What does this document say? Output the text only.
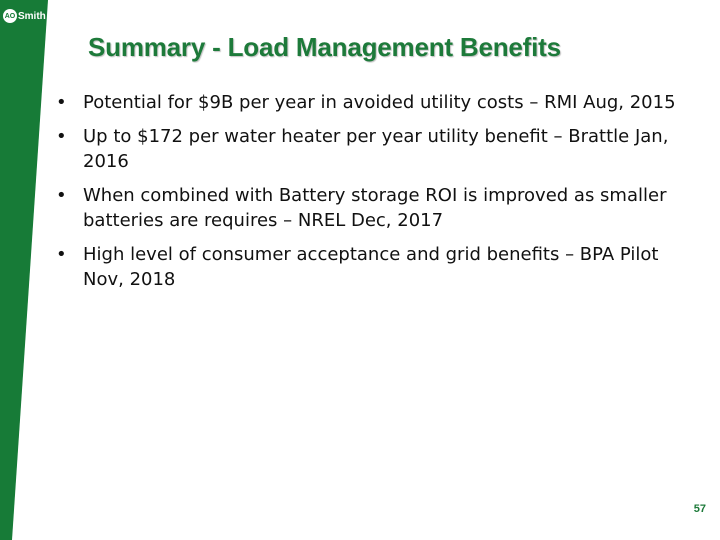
AO Smith
Summary - Load Management Benefits
• Potential for $9B per year in avoided utility costs – RMI Aug, 2015
• Up to $172 per water heater per year utility benefit – Brattle Jan, 2016
• When combined with Battery storage ROI is improved as smaller batteries are requires – NREL Dec, 2017
• High level of consumer acceptance and grid benefits – BPA Pilot Nov, 2018
57
